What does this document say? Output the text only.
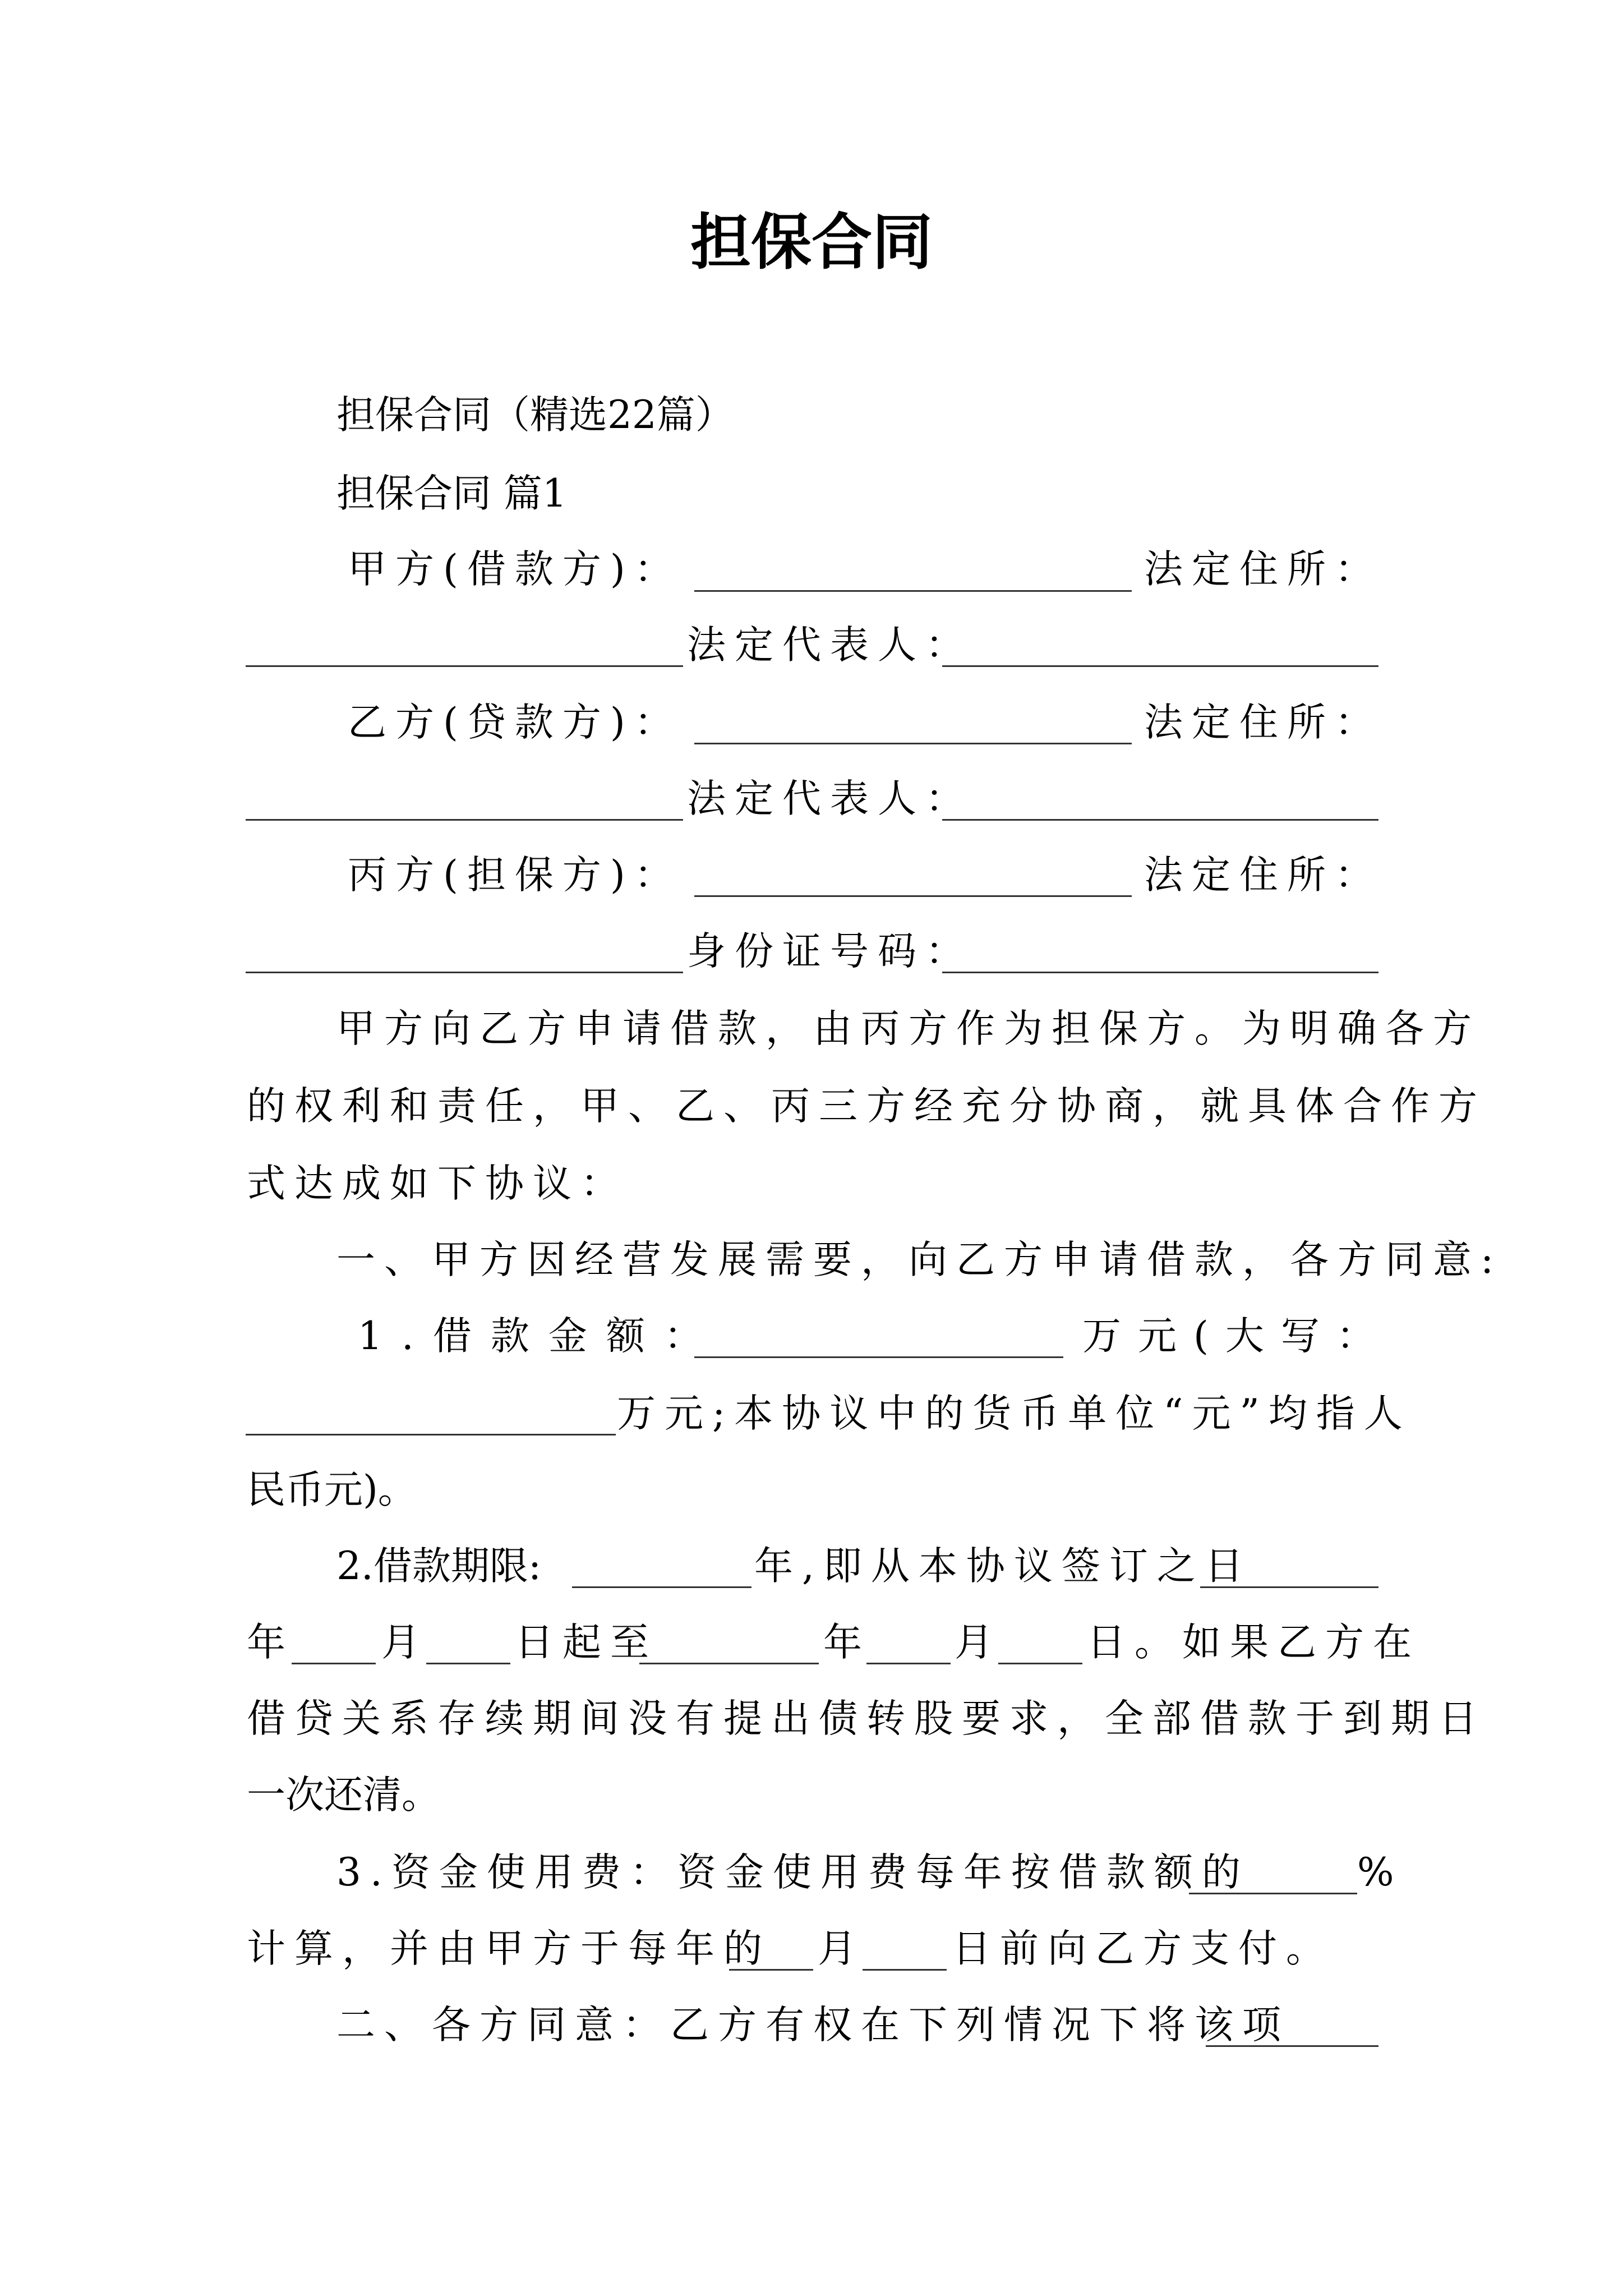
担保合同
担保合同（精选22篇）
担保合同 篇1
甲方(借款方)：	法定住所：
法定代表人：
乙方(贷款方)：	法定住所：
法定代表人：
丙方(担保方)：	法定住所：
身份证号码：
甲方向乙方申请借款，由丙方作为担保方。为明确各方
的权利和责任，甲、乙、丙三方经充分协商，就具体合作方
式达成如下协议：
一、甲方因经营发展需要，向乙方申请借款，各方同意:
1.借款金额：	万元(大写：
万元;本协议中的货币单位“元”均指人
民币元)。
2.借款期限:	年,即从本协议签订之日
年 月 日起至	年 月 日。如果乙方在
借贷关系存续期间没有提出债转股要求，全部借款于到期日
一次还清。
3.资金使用费：资金使用费每年按借款额的	%
计算，并由甲方于每年的 月 日前向乙方支付。
二、各方同意：乙方有权在下列情况下将该项
